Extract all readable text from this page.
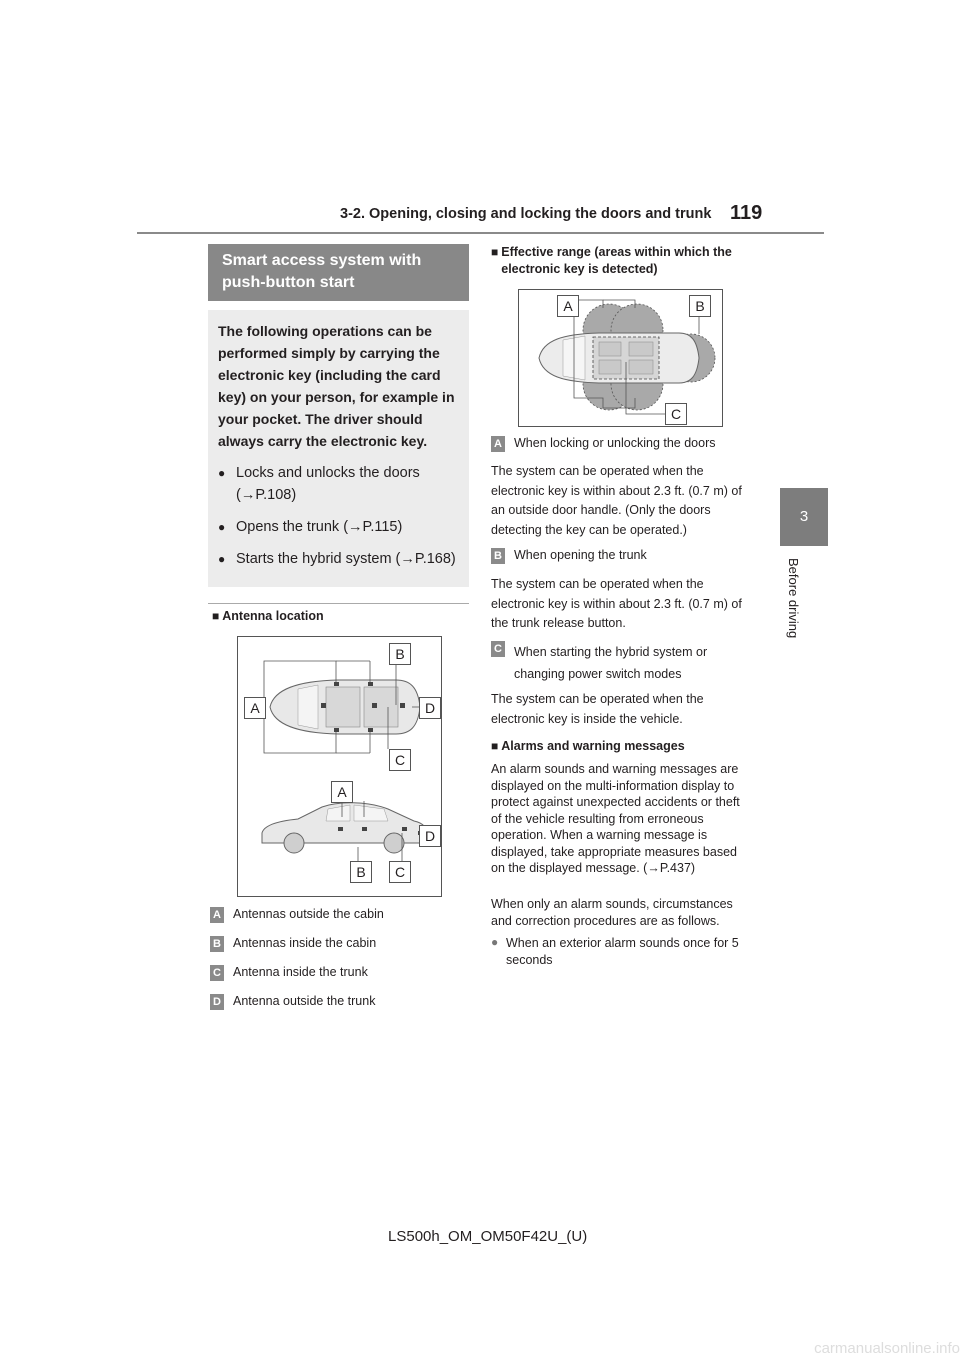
3-2. Opening, closing and locking the doors and trunk 119
3
Before driving
Smart access system with push-button start
The following operations can be performed simply by carrying the electronic key (including the card key) on your person, for example in your pocket. The driver should always carry the electronic key.
● Locks and unlocks the doors (→P.108)
● Opens the trunk (→P.115)
● Starts the hybrid system (→P.168)
■ Antenna location
B
A	D
C
A
D
B	C
A Antennas outside the cabin
B Antennas inside the cabin
C Antenna inside the trunk
D Antenna outside the trunk
■ Effective range (areas within which the electronic key is detected)
A	B
C
A When locking or unlocking the doors
The system can be operated when the electronic key is within about 2.3 ft. (0.7 m) of an outside door handle. (Only the doors detecting the key can be operated.)
B When opening the trunk
The system can be operated when the electronic key is within about 2.3 ft. (0.7 m) of the trunk release button.
C When starting the hybrid system or changing power switch modes
The system can be operated when the electronic key is inside the vehicle.
■ Alarms and warning messages
An alarm sounds and warning messages are displayed on the multi-information display to protect against unexpected accidents or theft of the vehicle resulting from erroneous operation. When a warning message is displayed, take appropriate measures based on the displayed message. (→P.437)
When only an alarm sounds, circumstances and correction procedures are as follows.
● When an exterior alarm sounds once for 5 seconds
LS500h_OM_OM50F42U_(U)
carmanualsonline.info
